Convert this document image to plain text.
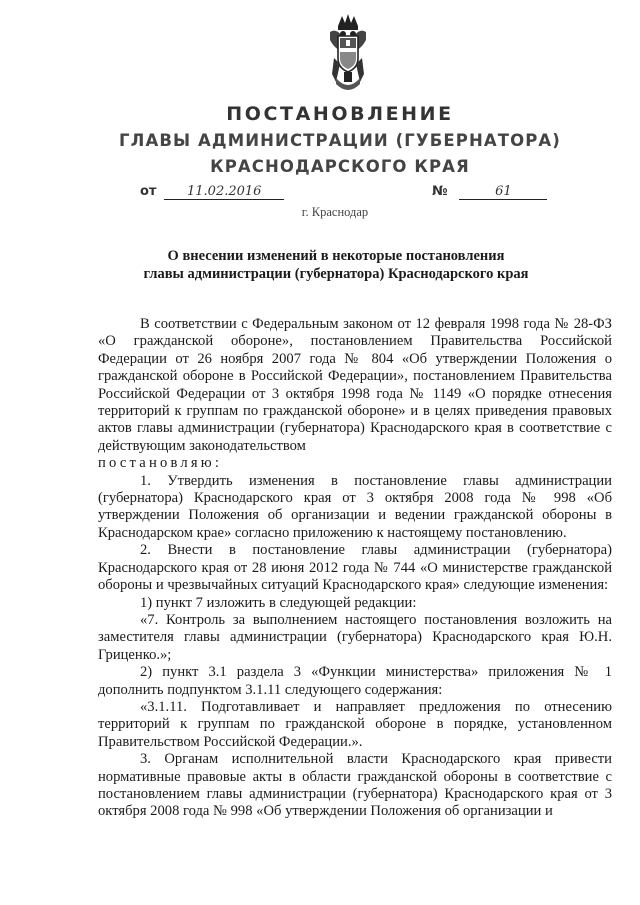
ПОСТАНОВЛЕНИЕ
ГЛАВЫ АДМИНИСТРАЦИИ (ГУБЕРНАТОРА)
КРАСНОДАРСКОГО КРАЯ
от 11.02.2016	№	61
г. Краснодар
О внесении изменений в некоторые постановления
главы администрации (губернатора) Краснодарского края

В соответствии с Федеральным законом от 12 февраля 1998 года № 28-ФЗ «О гражданской обороне», постановлением Правительства Российской Федерации от 26 ноября 2007 года № 804 «Об утверждении Положения о гражданской обороне в Российской Федерации», постановлением Правительства Российской Федерации от 3 октября 1998 года № 1149 «О порядке отнесения территорий к группам по гражданской обороне» и в целях приведения правовых актов главы администрации (губернатора) Краснодарского края в соответствие с действующим законодательством

постановляю:

1. Утвердить изменения в постановление главы администрации (губернатора) Краснодарского края от 3 октября 2008 года № 998 «Об утверждении Положения об организации и ведении гражданской обороны в Краснодарском крае» согласно приложению к настоящему постановлению.

2. Внести в постановление главы администрации (губернатора) Краснодарского края от 28 июня 2012 года № 744 «О министерстве гражданской обороны и чрезвычайных ситуаций Краснодарского края» следующие изменения:

1) пункт 7 изложить в следующей редакции:

«7. Контроль за выполнением настоящего постановления возложить на заместителя главы администрации (губернатора) Краснодарского края Ю.Н. Гриценко.»;

2) пункт 3.1 раздела 3 «Функции министерства» приложения № 1 дополнить подпунктом 3.1.11 следующего содержания:

«3.1.11. Подготавливает и направляет предложения по отнесению территорий к группам по гражданской обороне в порядке, установленном Правительством Российской Федерации.».

3. Органам исполнительной власти Краснодарского края привести нормативные правовые акты в области гражданской обороны в соответствие с постановлением главы администрации (губернатора) Краснодарского края от 3 октября 2008 года № 998 «Об утверждении Положения об организации и
